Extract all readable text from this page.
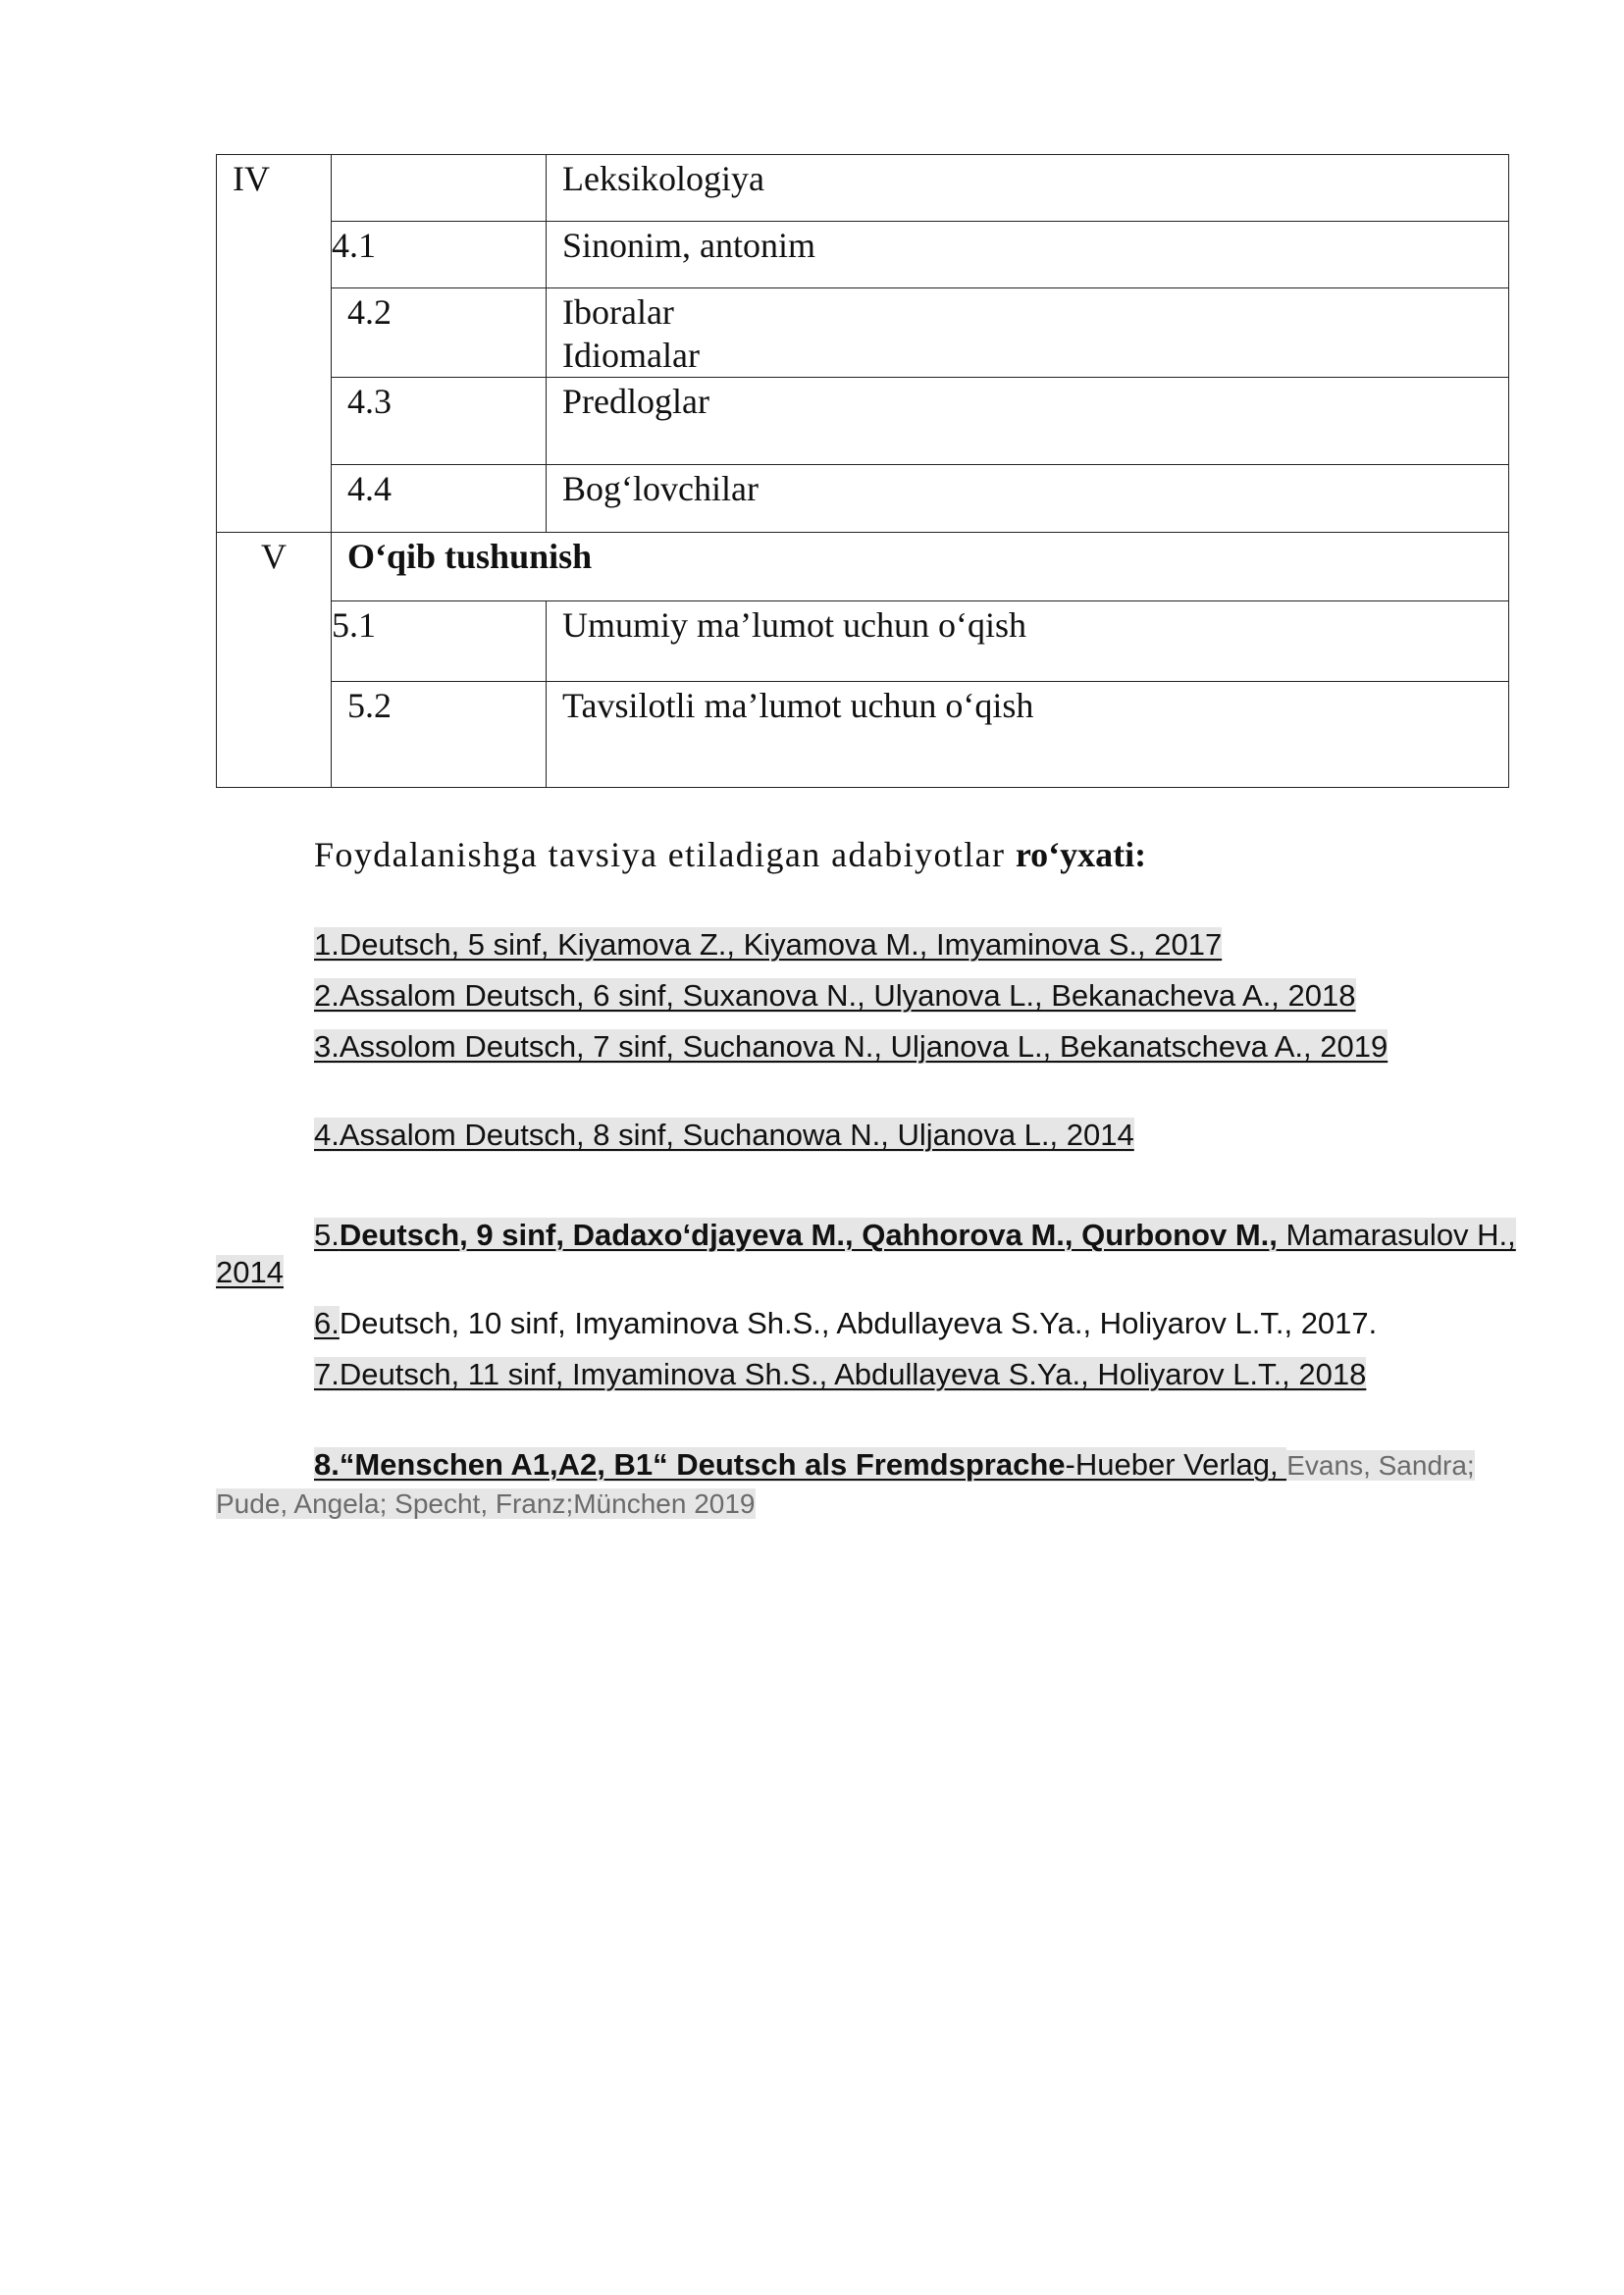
IV		Leksikologiya
	4.1	Sinonim, antonim
	4.2	Iboralar
Idiomalar

	4.3	Predloglar
	4.4	Bog‘lovchilar
V	O‘qib tushunish	
	5.1	Umumiy ma’lumot uchun o‘qish
	5.2	Tavsilotli ma’lumot uchun o‘qish
Foydalanishga tavsiya etiladigan adabiyotlar ro‘yxati:
1.Deutsch, 5 sinf, Kiyamova Z., Kiyamova M., Imyaminova S., 2017
2.Assalom Deutsch, 6 sinf, Suxanova N., Ulyanova L., Bekanacheva A., 2018
3.Assolom Deutsch, 7 sinf, Suchanova N., Uljanova L., Bekanatscheva A., 2019
4.Assalom Deutsch, 8 sinf, Suchanowa N., Uljanova L., 2014
5.Deutsch, 9 sinf, Dadaxo‘djayeva M., Qahhorova M., Qurbonov M., Mamarasulov H., 2014
6.Deutsch, 10 sinf, Imyaminova Sh.S., Abdullayeva S.Ya., Holiyarov L.T., 2017.
7.Deutsch, 11 sinf, Imyaminova Sh.S., Abdullayeva S.Ya., Holiyarov L.T., 2018
8.“Menschen A1,A2, B1“ Deutsch als Fremdsprache-Hueber Verlag, Evans, Sandra; Pude, Angela; Specht, Franz;München 2019
